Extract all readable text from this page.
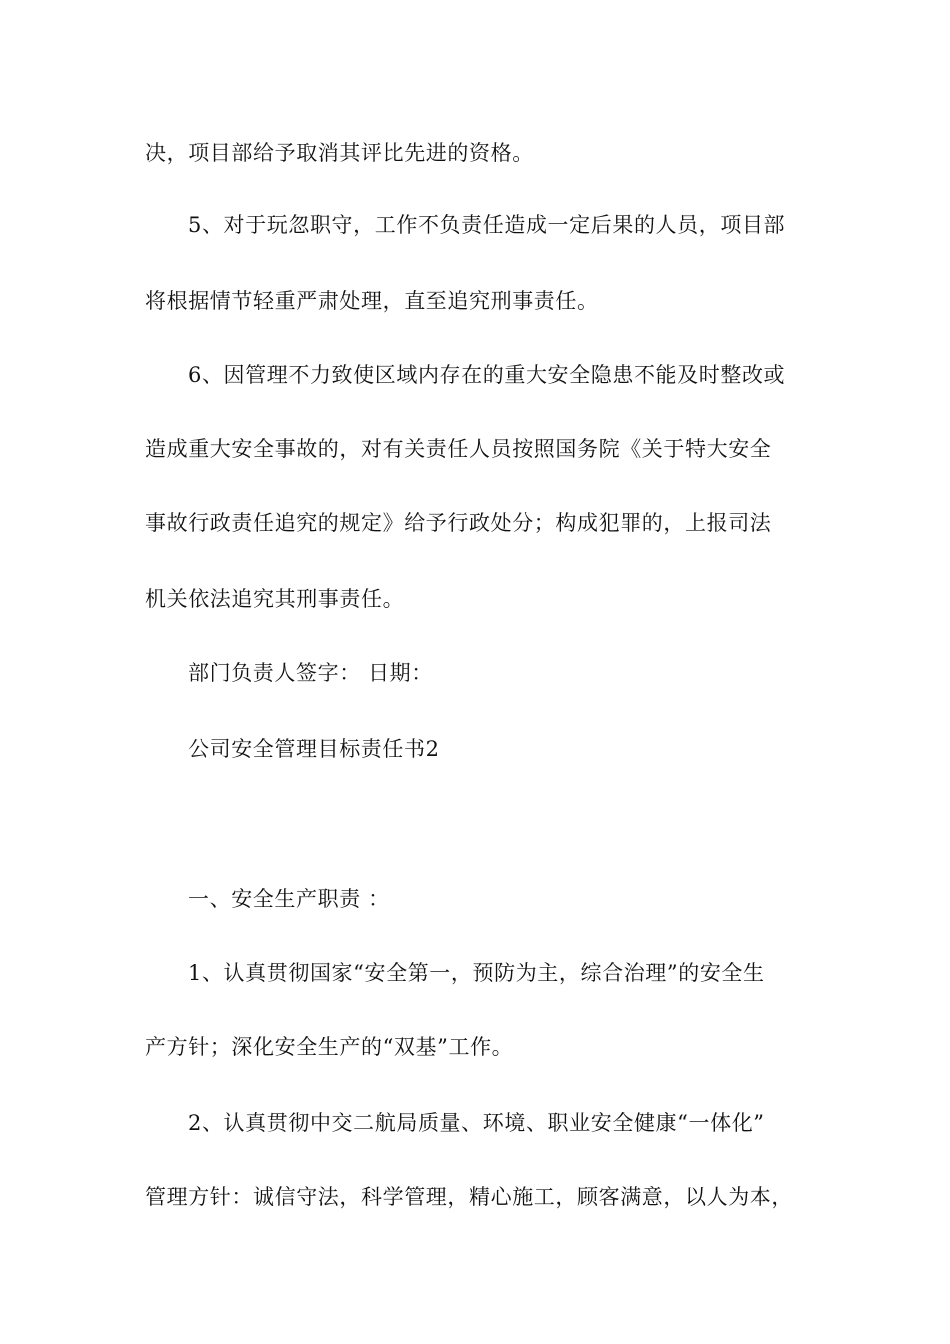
决，项目部给予取消其评比先进的资格。
5、对于玩忽职守，工作不负责任造成一定后果的人员，项目部
将根据情节轻重严肃处理，直至追究刑事责任。
6、因管理不力致使区域内存在的重大安全隐患不能及时整改或
造成重大安全事故的，对有关责任人员按照国务院《关于特大安全
事故行政责任追究的规定》给予行政处分；构成犯罪的，上报司法
机关依法追究其刑事责任。
部门负责人签字： 日期：
公司安全管理目标责任书2
一、安全生产职责 ：
1、认真贯彻国家“安全第一，预防为主，综合治理”的安全生
产方针；深化安全生产的“双基”工作。
2、认真贯彻中交二航局质量、环境、职业安全健康“一体化”
管理方针：诚信守法，科学管理，精心施工，顾客满意，以人为本，
